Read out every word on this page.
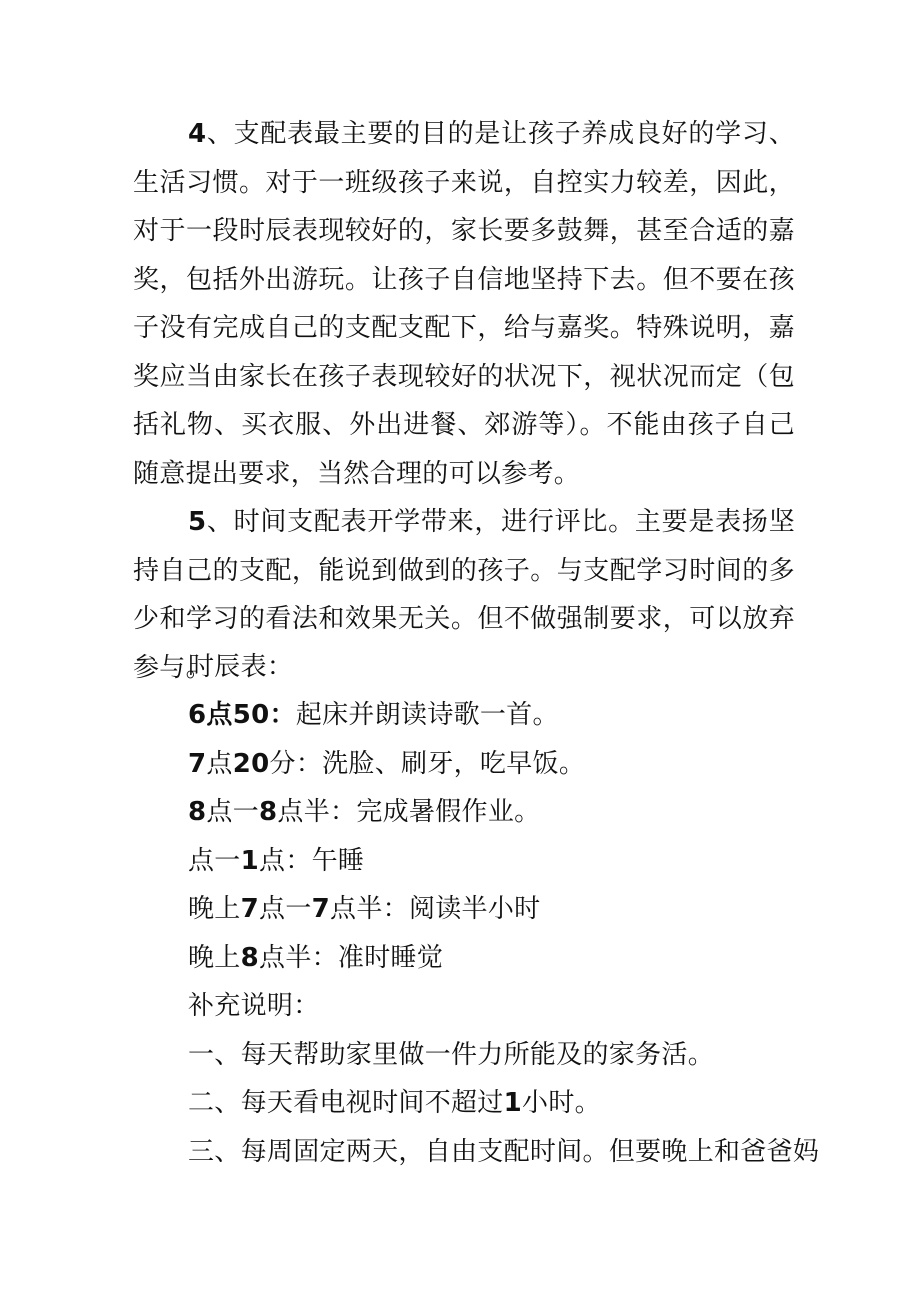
4、支配表最主要的目的是让孩子养成良好的学习、生活习惯。对于一班级孩子来说，自控实力较差，因此，对于一段时辰表现较好的，家长要多鼓舞，甚至合适的嘉奖，包括外出游玩。让孩子自信地坚持下去。但不要在孩子没有完成自己的支配支配下，给与嘉奖。特殊说明，嘉奖应当由家长在孩子表现较好的状况下，视状况而定（包括礼物、买衣服、外出进餐、郊游等）。不能由孩子自己随意提出要求，当然合理的可以参考。

5、时间支配表开学带来，进行评比。主要是表扬坚持自己的支配，能说到做到的孩子。与支配学习时间的多少和学习的看法和效果无关。但不做强制要求，可以放弃参与。

时辰表：

6点50：起床并朗读诗歌一首。

7点20分：洗脸、刷牙，吃早饭。

8点一8点半：完成暑假作业。

点一1点：午睡

晚上7点一7点半：阅读半小时

晚上8点半：准时睡觉

补充说明：

一、每天帮助家里做一件力所能及的家务活。

二、每天看电视时间不超过1小时。

三、每周固定两天，自由支配时间。但要晚上和爸爸妈
